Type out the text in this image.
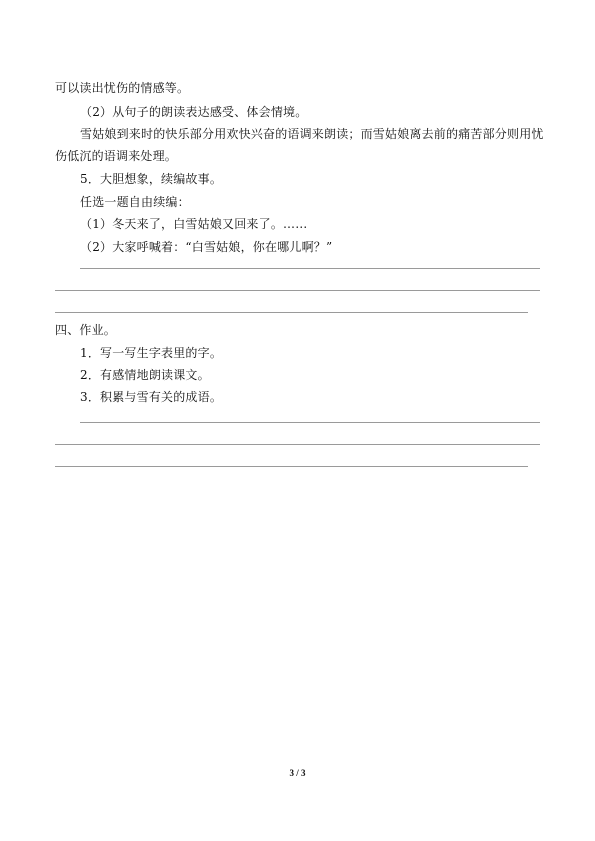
可以读出忧伤的情感等。
（2）从句子的朗读表达感受、体会情境。
雪姑娘到来时的快乐部分用欢快兴奋的语调来朗读；而雪姑娘离去前的痛苦部分则用忧
伤低沉的语调来处理。
5．大胆想象，续编故事。
任选一题自由续编：
（1）冬天来了，白雪姑娘又回来了。……
（2）大家呼喊着：“白雪姑娘，你在哪儿啊？”
四、作业。
1．写一写生字表里的字。
2．有感情地朗读课文。
3．积累与雪有关的成语。
3 / 3
